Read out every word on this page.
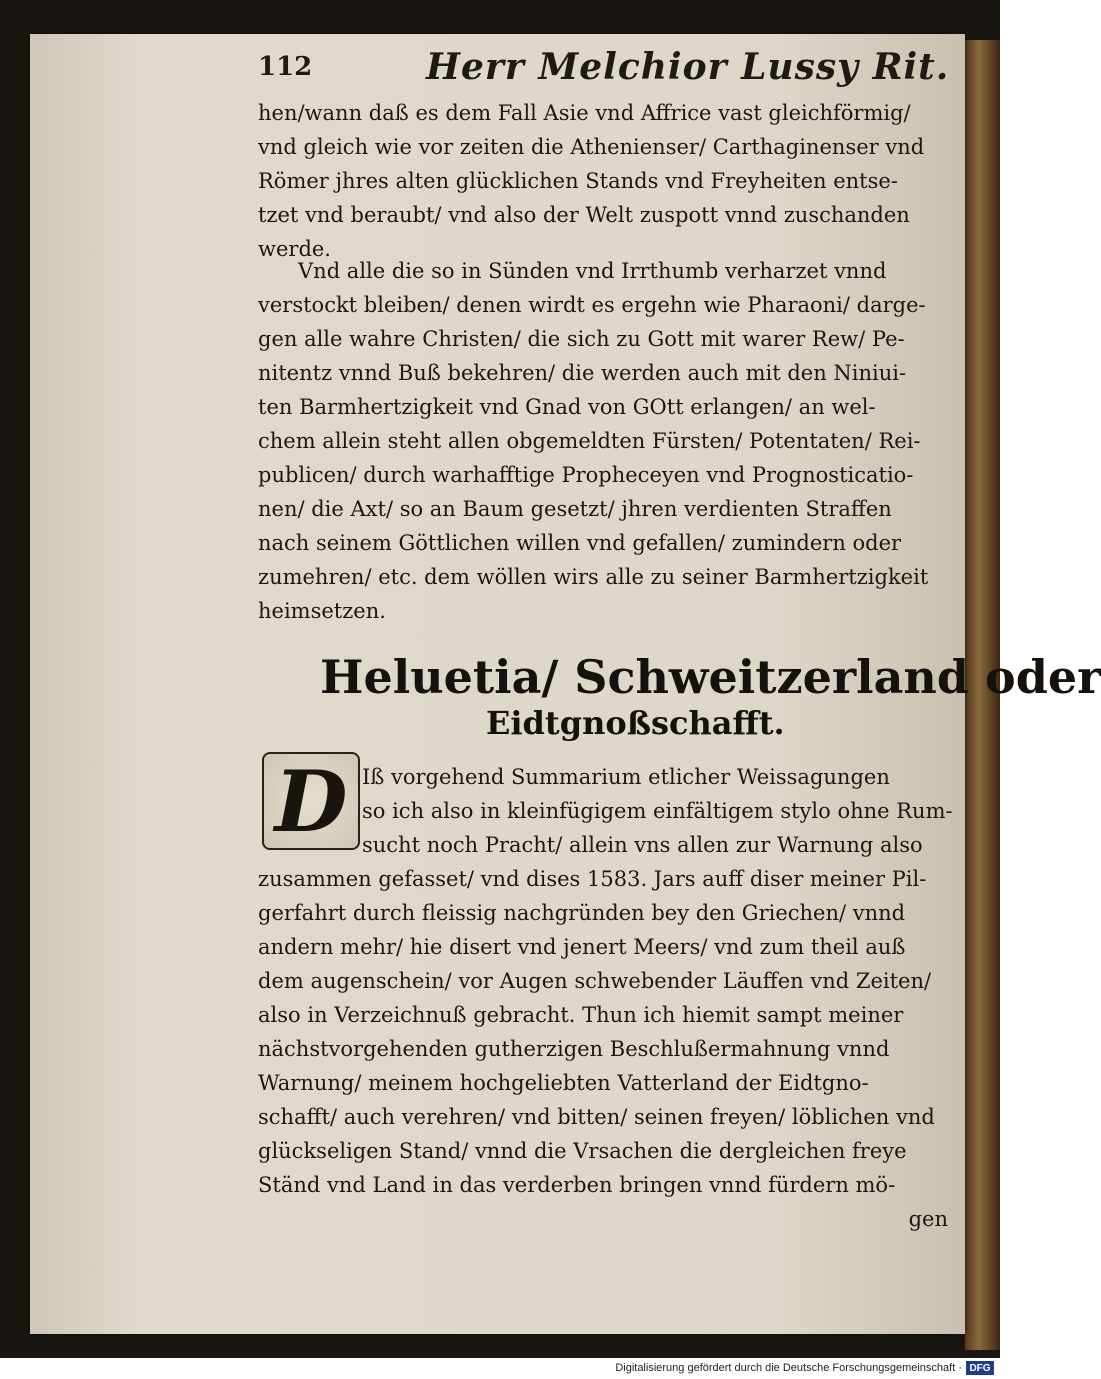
112	Herr Melchior Lussy Rit.
hen/wann daß es dem Fall Asie vnd Affrice vast gleichförmig/
vnd gleich wie vor zeiten die Athenienser/ Carthaginenser vnd
Römer jhres alten glücklichen Stands vnd Freyheiten entse-
tzet vnd beraubt/ vnd also der Welt zuspott vnnd zuschanden
werde.
Vnd alle die so in Sünden vnd Irrthumb verharzet vnnd
verstockt bleiben/ denen wirdt es ergehn wie Pharaoni/ darge-
gen alle wahre Christen/ die sich zu Gott mit warer Rew/ Pe-
nitentz vnnd Buß bekehren/ die werden auch mit den Niniui-
ten Barmhertzigkeit vnd Gnad von GOtt erlangen/ an wel-
chem allein steht allen obgemeldten Fürsten/ Potentaten/ Rei-
publicen/ durch warhafftige Propheceyen vnd Prognosticatio-
nen/ die Axt/ so an Baum gesetzt/ jhren verdienten Straffen
nach seinem Göttlichen willen vnd gefallen/ zumindern oder
zumehren/ etc. dem wöllen wirs alle zu seiner Barmhertzigkeit
heimsetzen.
Heluetia/ Schweitzerland oder
Eidtgnoßschafft.
D Iß vorgehend Summarium etlicher Weissagungen
so ich also in kleinfügigem einfältigem stylo ohne Rum-
sucht noch Pracht/ allein vns allen zur Warnung also
zusammen gefasset/ vnd dises 1583. Jars auff diser meiner Pil-
gerfahrt durch fleissig nachgründen bey den Griechen/ vnnd
andern mehr/ hie disert vnd jenert Meers/ vnd zum theil auß
dem augenschein/ vor Augen schwebender Läuffen vnd Zeiten/
also in Verzeichnuß gebracht. Thun ich hiemit sampt meiner
nächstvorgehenden gutherzigen Beschlußermahnung vnnd
Warnung/ meinem hochgeliebten Vatterland der Eidtgno-
schafft/ auch verehren/ vnd bitten/ seinen freyen/ löblichen vnd
glückseligen Stand/ vnnd die Vrsachen die dergleichen freye
Ständ vnd Land in das verderben bringen vnnd fürdern mö-
gen
Digitalisierung gefördert durch die Deutsche Forschungsgemeinschaft · DFG
